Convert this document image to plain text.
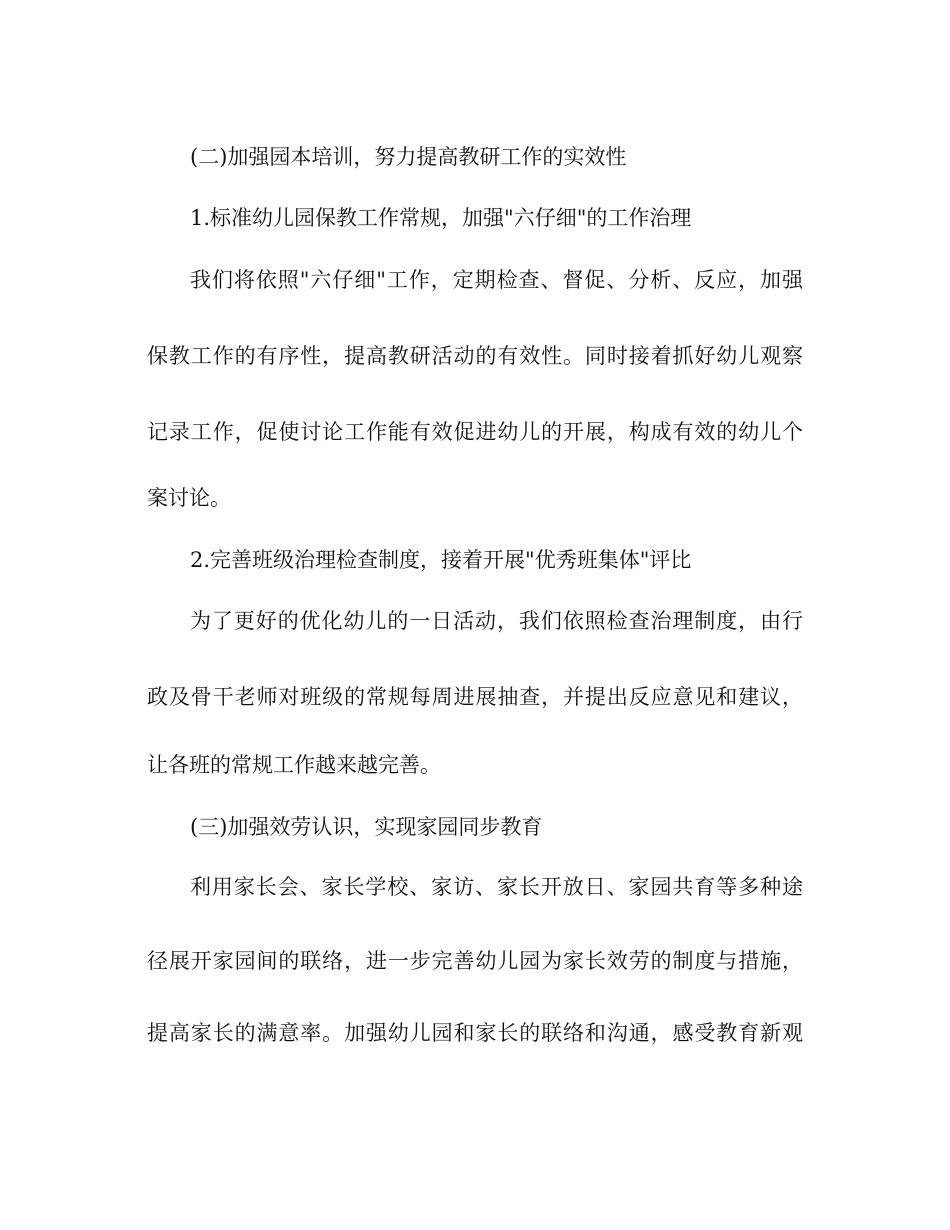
(二)加强园本培训，努力提高教研工作的实效性
1.标准幼儿园保教工作常规，加强"六仔细"的工作治理
我们将依照"六仔细"工作，定期检查、督促、分析、反应，加强
保教工作的有序性，提高教研活动的有效性。同时接着抓好幼儿观察
记录工作，促使讨论工作能有效促进幼儿的开展，构成有效的幼儿个
案讨论。
2.完善班级治理检查制度，接着开展"优秀班集体"评比
为了更好的优化幼儿的一日活动，我们依照检查治理制度，由行
政及骨干老师对班级的常规每周进展抽查，并提出反应意见和建议，
让各班的常规工作越来越完善。
(三)加强效劳认识，实现家园同步教育
利用家长会、家长学校、家访、家长开放日、家园共育等多种途
径展开家园间的联络，进一步完善幼儿园为家长效劳的制度与措施，
提高家长的满意率。加强幼儿园和家长的联络和沟通，感受教育新观
